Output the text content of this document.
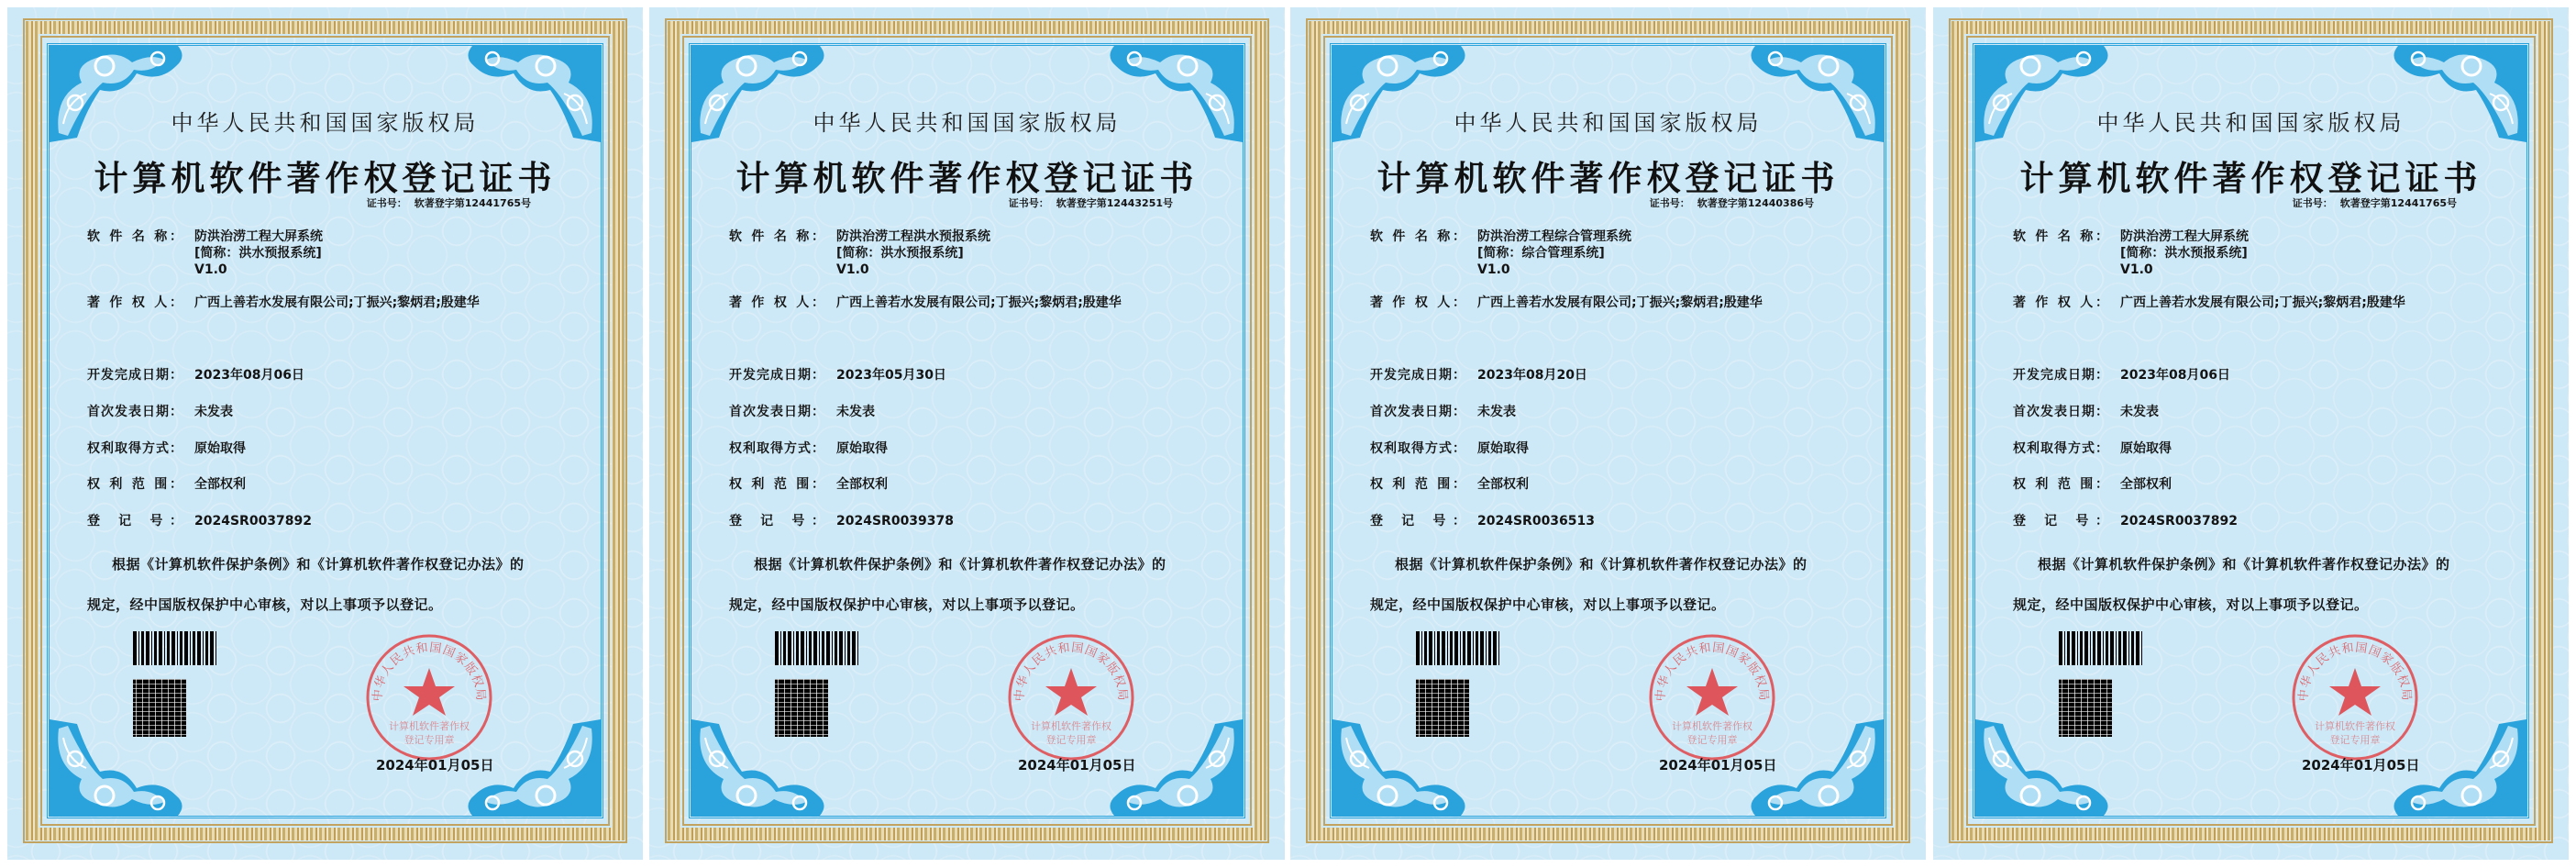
中华人民共和国国家版权局
计算机软件著作权登记证书
证书号： 软著登字第12441765号
软 件 名 称： 防洪治涝工程大屏系统
[简称：洪水预报系统]
V1.0
著 作 权 人： 广西上善若水发展有限公司;丁振兴;黎炳君;殷建华
开发完成日期： 2023年08月06日
首次发表日期： 未发表
权利取得方式： 原始取得
权 利 范 围： 全部权利
登 记 号： 2024SR0037892
根据《计算机软件保护条例》和《计算机软件著作权登记办法》的
规定，经中国版权保护中心审核，对以上事项予以登记。
中华人民共和国国家版权局
计算机软件著作权
登记专用章
2024年01月05日
中华人民共和国国家版权局
计算机软件著作权登记证书
证书号： 软著登字第12443251号
软 件 名 称： 防洪治涝工程洪水预报系统
[简称：洪水预报系统]
V1.0
著 作 权 人： 广西上善若水发展有限公司;丁振兴;黎炳君;殷建华
开发完成日期： 2023年05月30日
首次发表日期： 未发表
权利取得方式： 原始取得
权 利 范 围： 全部权利
登 记 号： 2024SR0039378
根据《计算机软件保护条例》和《计算机软件著作权登记办法》的
规定，经中国版权保护中心审核，对以上事项予以登记。
中华人民共和国国家版权局
计算机软件著作权
登记专用章
2024年01月05日
中华人民共和国国家版权局
计算机软件著作权登记证书
证书号： 软著登字第12440386号
软 件 名 称： 防洪治涝工程综合管理系统
[简称：综合管理系统]
V1.0
著 作 权 人： 广西上善若水发展有限公司;丁振兴;黎炳君;殷建华
开发完成日期： 2023年08月20日
首次发表日期： 未发表
权利取得方式： 原始取得
权 利 范 围： 全部权利
登 记 号： 2024SR0036513
根据《计算机软件保护条例》和《计算机软件著作权登记办法》的
规定，经中国版权保护中心审核，对以上事项予以登记。
中华人民共和国国家版权局
计算机软件著作权
登记专用章
2024年01月05日
中华人民共和国国家版权局
计算机软件著作权登记证书
证书号： 软著登字第12441765号
软 件 名 称： 防洪治涝工程大屏系统
[简称：洪水预报系统]
V1.0
著 作 权 人： 广西上善若水发展有限公司;丁振兴;黎炳君;殷建华
开发完成日期： 2023年08月06日
首次发表日期： 未发表
权利取得方式： 原始取得
权 利 范 围： 全部权利
登 记 号： 2024SR0037892
根据《计算机软件保护条例》和《计算机软件著作权登记办法》的
规定，经中国版权保护中心审核，对以上事项予以登记。
中华人民共和国国家版权局
计算机软件著作权
登记专用章
2024年01月05日
